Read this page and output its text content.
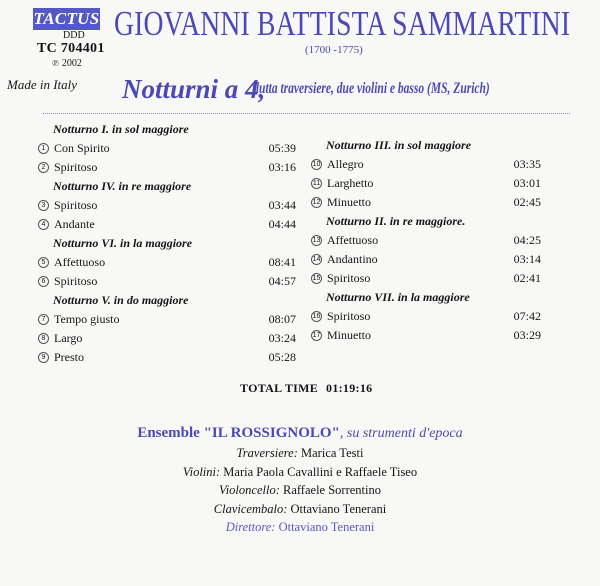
TACTUS
DDD
TC 704401
℗ 2002
Made in Italy
GIOVANNI BATTISTA SAMMARTINI
(1700 -1775)
Notturni a 4,
flutta traversiere, due violini e basso (MS, Zurich)
Notturno I. in sol maggiore
1 Con Spirito	05:39
2 Spiritoso	03:16
Notturno IV. in re maggiore
3 Spiritoso	03:44
4 Andante	04:44
Notturno VI. in la maggiore
5 Affettuoso	08:41
6 Spiritoso	04:57
Notturno V. in do maggiore
7 Tempo giusto	08:07
8 Largo	03:24
9 Presto	05:28
Notturno III. in sol maggiore
10 Allegro	03:35
11 Larghetto	03:01
12 Minuetto	02:45
Notturno II. in re maggiore.
13 Affettuoso	04:25
14 Andantino	03:14
15 Spiritoso	02:41
Notturno VII. in la maggiore
16 Spiritoso	07:42
17 Minuetto	03:29
TOTAL TIME 01:19:16
Ensemble "IL ROSSIGNOLO", su strumenti d'epoca
Traversiere: Marica Testi
Violini: Maria Paola Cavallini e Raffaele Tiseo
Violoncello: Raffaele Sorrentino
Clavicembalo: Ottaviano Tenerani
Direttore: Ottaviano Tenerani
